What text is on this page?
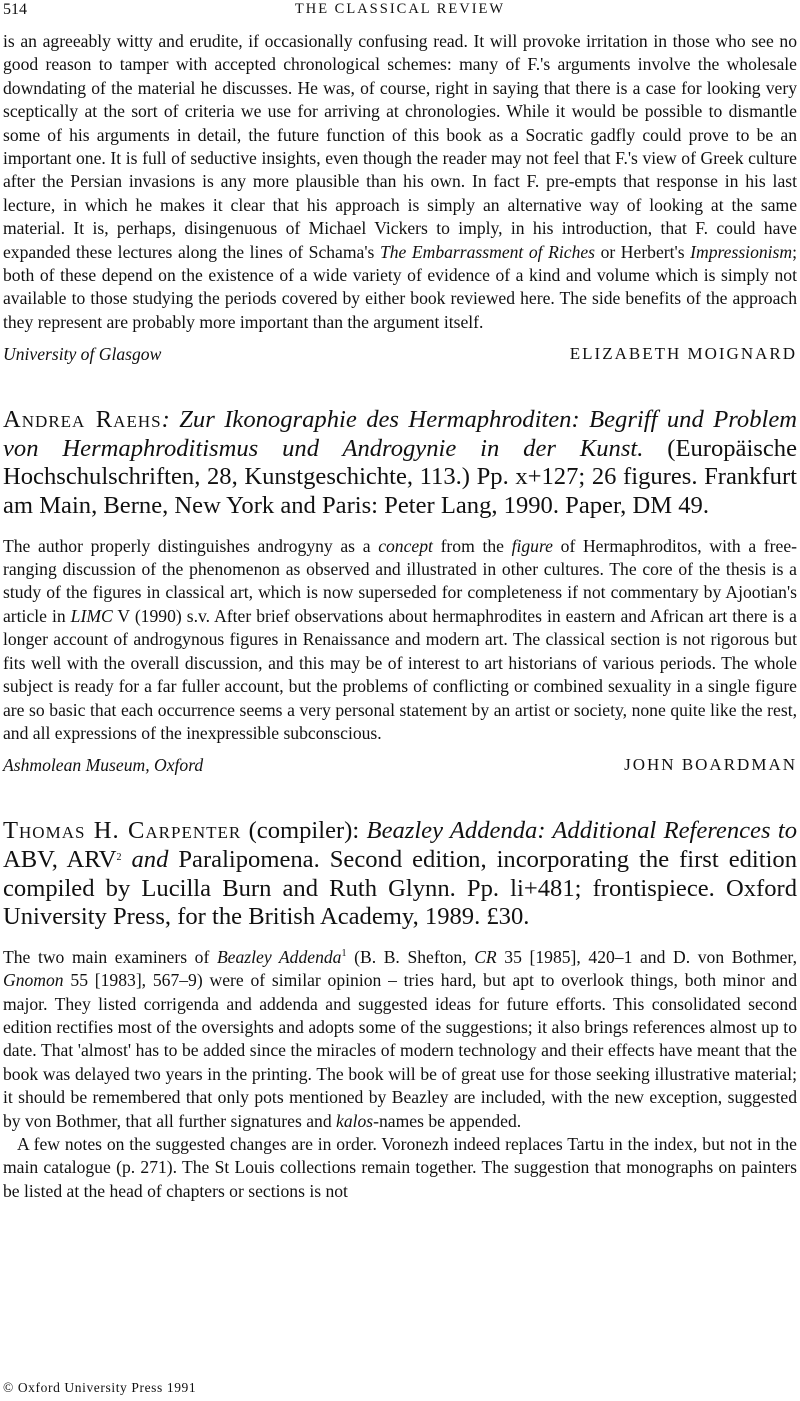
514	THE CLASSICAL REVIEW

is an agreeably witty and erudite, if occasionally confusing read. It will provoke irritation in those who see no good reason to tamper with accepted chronological schemes: many of F.'s arguments involve the wholesale downdating of the material he discusses. He was, of course, right in saying that there is a case for looking very sceptically at the sort of criteria we use for arriving at chronologies. While it would be possible to dismantle some of his arguments in detail, the future function of this book as a Socratic gadfly could prove to be an important one. It is full of seductive insights, even though the reader may not feel that F.'s view of Greek culture after the Persian invasions is any more plausible than his own. In fact F. pre-empts that response in his last lecture, in which he makes it clear that his approach is simply an alternative way of looking at the same material. It is, perhaps, disingenuous of Michael Vickers to imply, in his introduction, that F. could have expanded these lectures along the lines of Schama's The Embarrassment of Riches or Herbert's Impressionism; both of these depend on the existence of a wide variety of evidence of a kind and volume which is simply not available to those studying the periods covered by either book reviewed here. The side benefits of the approach they represent are probably more important than the argument itself.

University of Glasgow	ELIZABETH MOIGNARD

Andrea Raehs: Zur Ikonographie des Hermaphroditen: Begriff und Problem von Hermaphroditismus und Androgynie in der Kunst. (Europäische Hochschulschriften, 28, Kunstgeschichte, 113.) Pp. x+127; 26 figures. Frankfurt am Main, Berne, New York and Paris: Peter Lang, 1990. Paper, DM 49.

The author properly distinguishes androgyny as a concept from the figure of Hermaphroditos, with a free-ranging discussion of the phenomenon as observed and illustrated in other cultures. The core of the thesis is a study of the figures in classical art, which is now superseded for completeness if not commentary by Ajootian's article in LIMC V (1990) s.v. After brief observations about hermaphrodites in eastern and African art there is a longer account of androgynous figures in Renaissance and modern art. The classical section is not rigorous but fits well with the overall discussion, and this may be of interest to art historians of various periods. The whole subject is ready for a far fuller account, but the problems of conflicting or combined sexuality in a single figure are so basic that each occurrence seems a very personal statement by an artist or society, none quite like the rest, and all expressions of the inexpressible subconscious.

Ashmolean Museum, Oxford	JOHN BOARDMAN

Thomas H. Carpenter (compiler): Beazley Addenda: Additional References to ABV, ARV$^2$ and Paralipomena. Second edition, incorporating the first edition compiled by Lucilla Burn and Ruth Glynn. Pp. li+481; frontispiece. Oxford University Press, for the British Academy, 1989. £30.

The two main examiners of Beazley Addenda$^1$ (B. B. Shefton, CR 35 [1985], 420–1 and D. von Bothmer, Gnomon 55 [1983], 567–9) were of similar opinion – tries hard, but apt to overlook things, both minor and major. They listed corrigenda and addenda and suggested ideas for future efforts. This consolidated second edition rectifies most of the oversights and adopts some of the suggestions; it also brings references almost up to date. That 'almost' has to be added since the miracles of modern technology and their effects have meant that the book was delayed two years in the printing. The book will be of great use for those seeking illustrative material; it should be remembered that only pots mentioned by Beazley are included, with the new exception, suggested by von Bothmer, that all further signatures and kalos-names be appended.

A few notes on the suggested changes are in order. Voronezh indeed replaces Tartu in the index, but not in the main catalogue (p. 271). The St Louis collections remain together. The suggestion that monographs on painters be listed at the head of chapters or sections is not

© Oxford University Press 1991
